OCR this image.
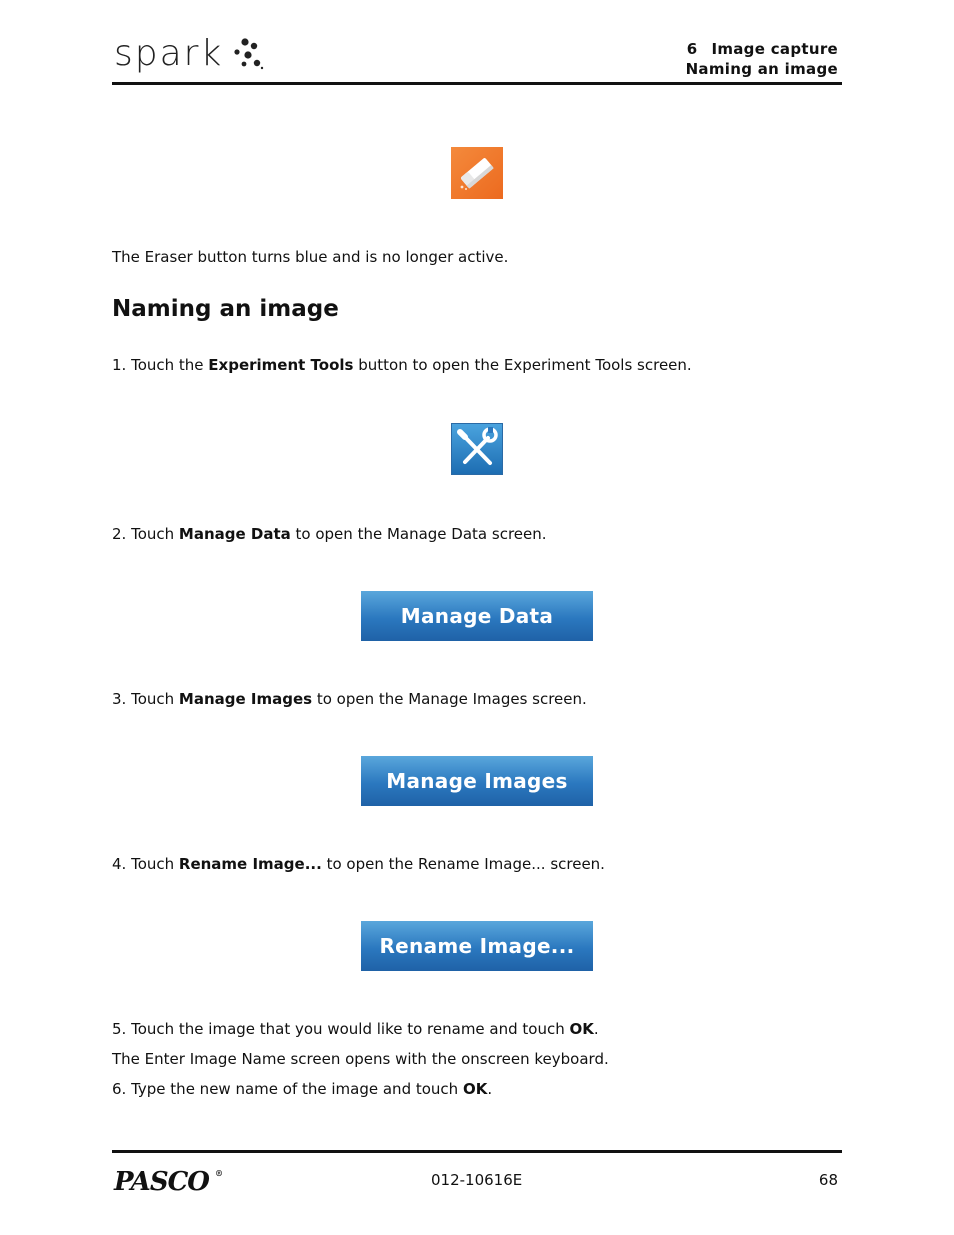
spark	6 Image capture
Naming an image
The Eraser button turns blue and is no longer active.
Naming an image
1. Touch the Experiment Tools button to open the Experiment Tools screen.
2. Touch Manage Data to open the Manage Data screen.
Manage Data
3. Touch Manage Images to open the Manage Images screen.
Manage Images
4. Touch Rename Image... to open the Rename Image... screen.
Rename Image...
5. Touch the image that you would like to rename and touch OK.
The Enter Image Name screen opens with the onscreen keyboard.
6. Type the new name of the image and touch OK.
PASCO ®	012-10616E	68
